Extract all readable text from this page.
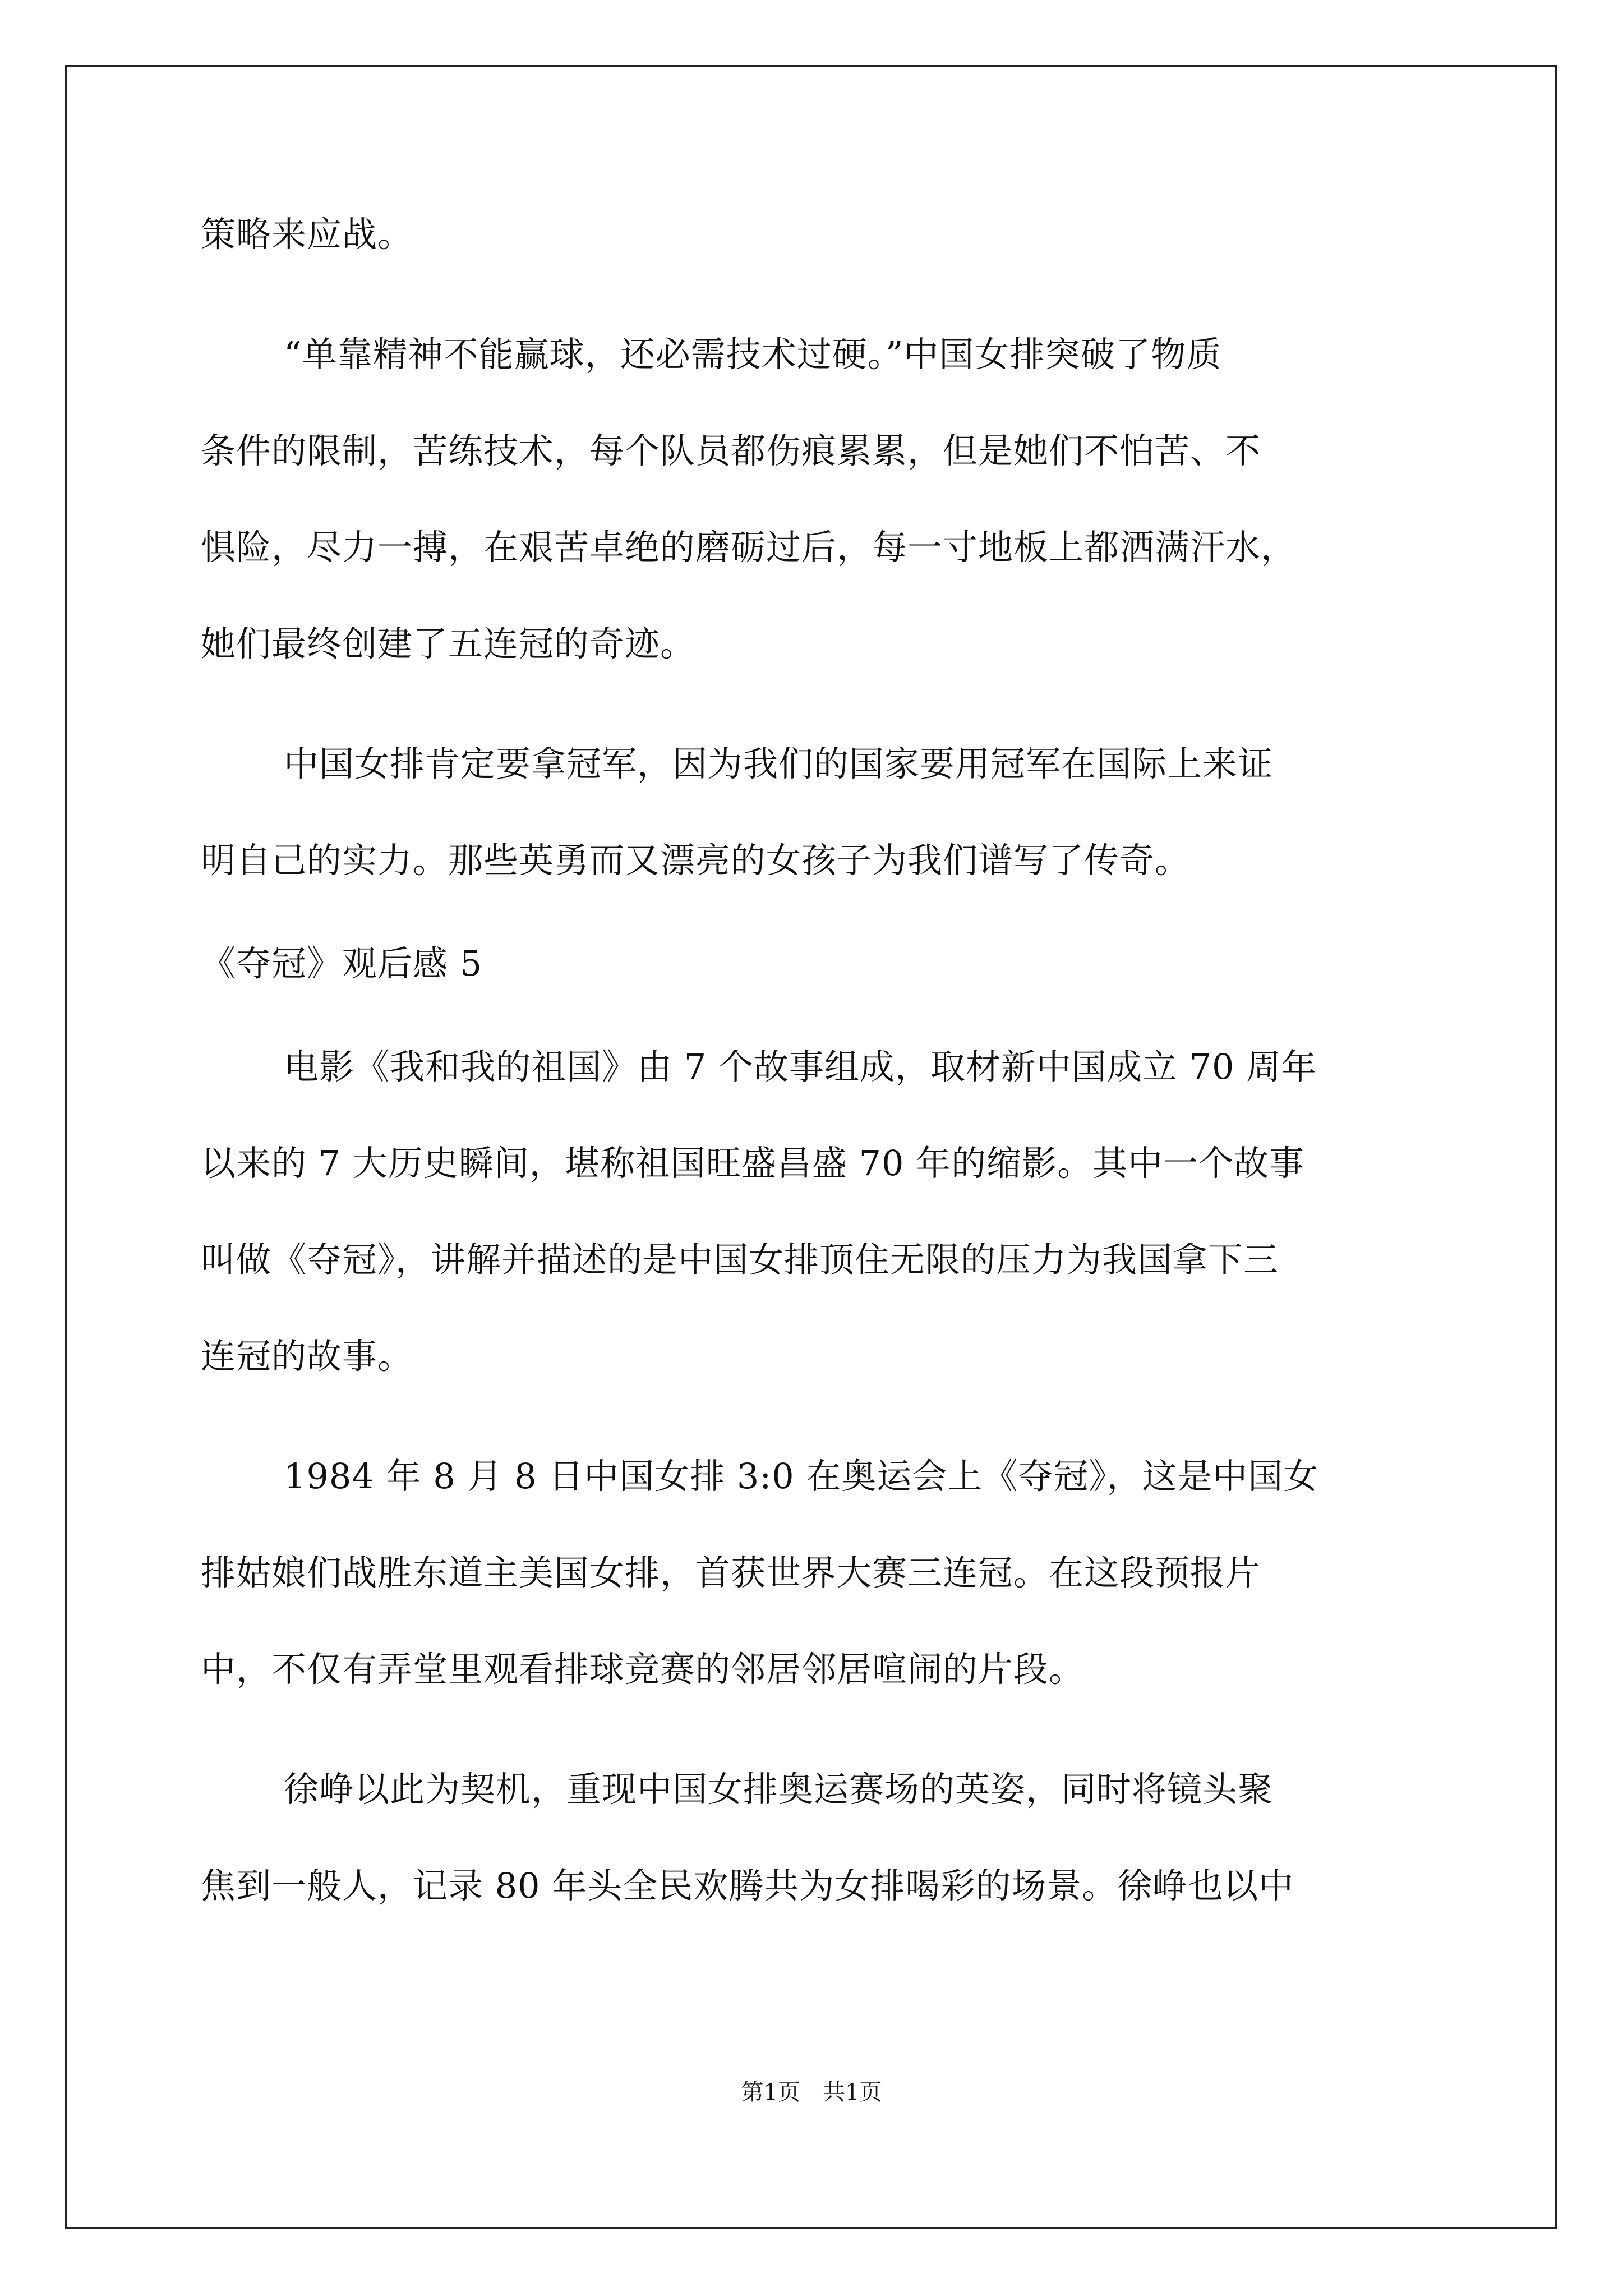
策略来应战。
“单靠精神不能赢球，还必需技术过硬。”中国女排突破了物质
条件的限制，苦练技术，每个队员都伤痕累累，但是她们不怕苦、不
惧险，尽力一搏，在艰苦卓绝的磨砺过后，每一寸地板上都洒满汗水，
她们最终创建了五连冠的奇迹。
中国女排肯定要拿冠军，因为我们的国家要用冠军在国际上来证
明自己的实力。那些英勇而又漂亮的女孩子为我们谱写了传奇。
《夺冠》观后感 5
电影《我和我的祖国》由 7 个故事组成，取材新中国成立 70 周年
以来的 7 大历史瞬间，堪称祖国旺盛昌盛 70 年的缩影。其中一个故事
叫做《夺冠》，讲解并描述的是中国女排顶住无限的压力为我国拿下三
连冠的故事。
1984 年 8 月 8 日中国女排 3:0 在奥运会上《夺冠》，这是中国女
排姑娘们战胜东道主美国女排，首获世界大赛三连冠。在这段预报片
中，不仅有弄堂里观看排球竞赛的邻居邻居喧闹的片段。
徐峥以此为契机，重现中国女排奥运赛场的英姿，同时将镜头聚
焦到一般人，记录 80 年头全民欢腾共为女排喝彩的场景。徐峥也以中
第1页　共1页
